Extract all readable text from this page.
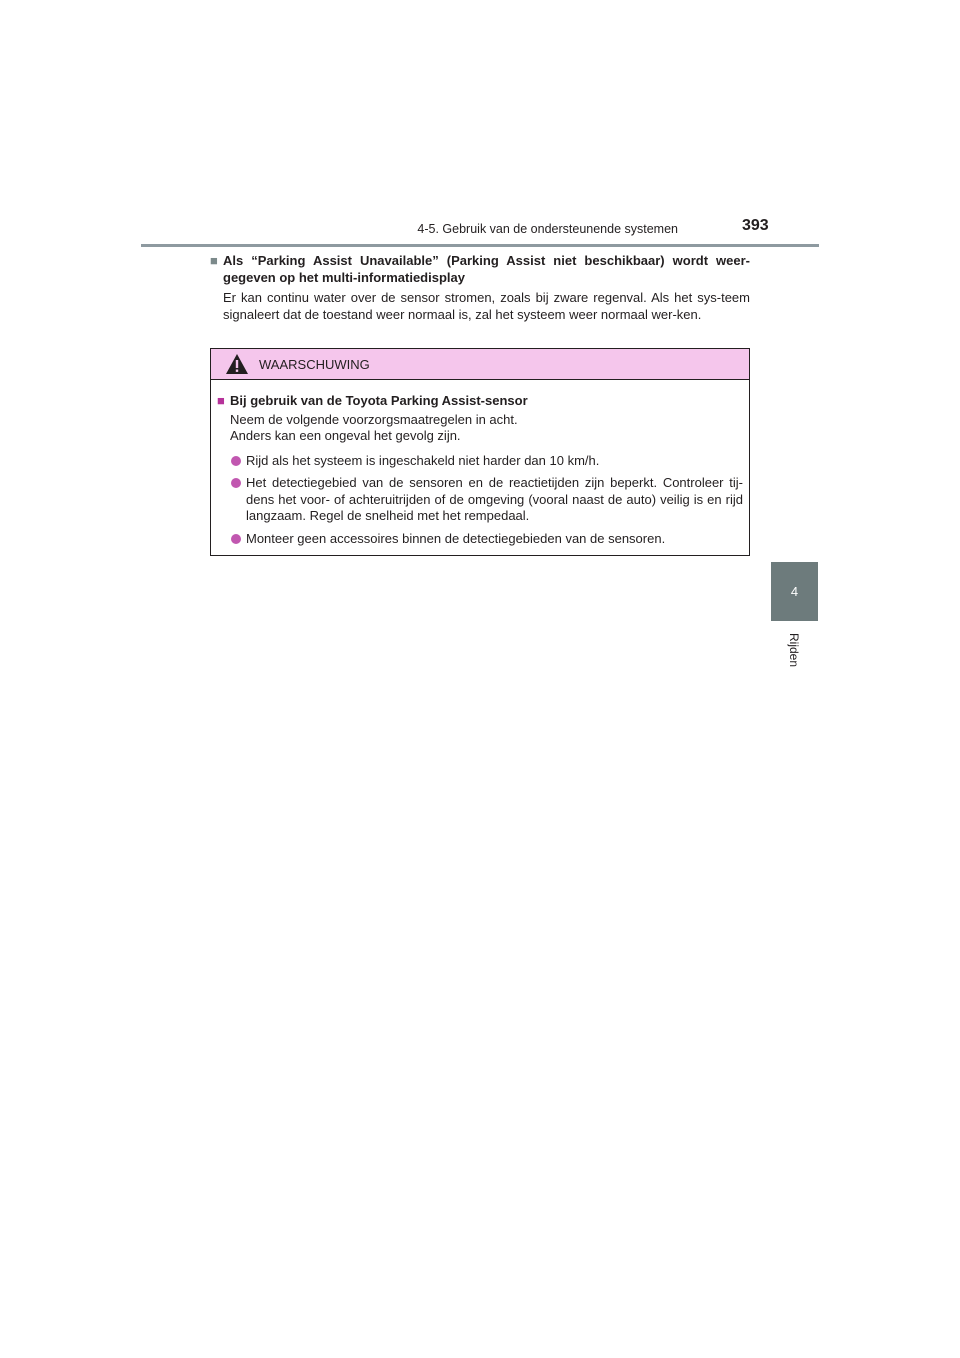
4-5. Gebruik van de ondersteunende systemen	393
4
Rijden
■ Als “Parking Assist Unavailable” (Parking Assist niet beschikbaar) wordt weer-gegeven op het multi-informatiedisplay

Er kan continu water over de sensor stromen, zoals bij zware regenval. Als het sys-teem signaleert dat de toestand weer normaal is, zal het systeem weer normaal wer-ken.

WAARSCHUWING
■ Bij gebruik van de Toyota Parking Assist-sensor

Neem de volgende voorzorgsmaatregelen in acht.

Anders kan een ongeval het gevolg zijn.

Rijd als het systeem is ingeschakeld niet harder dan 10 km/h.
Het detectiegebied van de sensoren en de reactietijden zijn beperkt. Controleer tij-dens het voor- of achteruitrijden of de omgeving (vooral naast de auto) veilig is en rijd langzaam. Regel de snelheid met het rempedaal.
Monteer geen accessoires binnen de detectiegebieden van de sensoren.
